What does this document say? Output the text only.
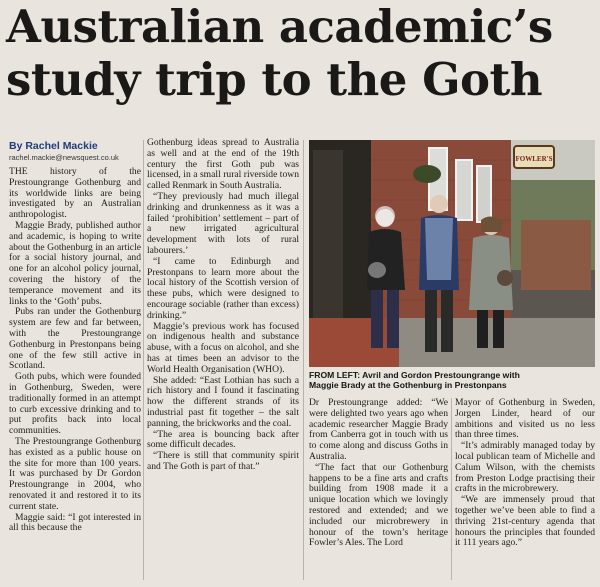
Australian academic’s
study trip to the Goth
By Rachel Mackie
rachel.mackie@newsquest.co.uk

THE history of the Prestoungrange Gothenburg and its worldwide links are being investigated by an Australian anthropologist.

Maggie Brady, published author and academic, is hoping to write about the Gothenburg in an article for a social history journal, and one for an alcohol policy journal, covering the history of the temperance movement and its links to the ‘Goth’ pubs.

Pubs ran under the Gothenburg system are few and far between, with the Prestoungrange Gothenburg in Prestonpans being one of the few still active in Scotland.

Goth pubs, which were founded in Gothenburg, Sweden, were traditionally formed in an attempt to curb excessive drinking and to put profits back into local communities.

The Prestoungrange Gothenburg has existed as a public house on the site for more than 100 years. It was purchased by Dr Gordon Prestoungrange in 2004, who renovated it and restored it to its current state.

Maggie said: “I got interested in all this because the

Gothenburg ideas spread to Australia as well and at the end of the 19th century the first Goth pub was licensed, in a small rural riverside town called Renmark in South Australia.

“They previously had much illegal drinking and drunkenness as it was a failed ‘prohibition’ settlement – part of a new irrigated agricultural development with lots of rural labourers.’

“I came to Edinburgh and Prestonpans to learn more about the local history of the Scottish version of these pubs, which were designed to encourage sociable (rather than excess) drinking.”

Maggie’s previous work has focused on indigenous health and substance abuse, with a focus on alcohol, and she has at times been an advisor to the World Health Organisation (WHO).

She added: “East Lothian has such a rich history and I found it fascinating how the different strands of its industrial past fit together – the salt panning, the brickworks and the coal.

“The area is bouncing back after some difficult decades.

“There is still that community spirit and The Goth is part of that.”

FOWLER'S
FROM LEFT: Avril and Gordon Prestoungrange with
Maggie Brady at the Gothenburg in Prestonpans

Dr Prestoungrange added: “We were delighted two years ago when academic researcher Maggie Brady from Canberra got in touch with us to come along and discuss Goths in Australia.

“The fact that our Gothenburg happens to be a fine arts and crafts building from 1908 made it a unique location which we lovingly restored and extended; and we included our microbrewery in honour of the town’s heritage Fowler’s Ales. The Lord

Mayor of Gothenburg in Sweden, Jorgen Linder, heard of our ambitions and visited us no less than three times.

“It’s admirably managed today by local publican team of Michelle and Calum Wilson, with the chemists from Preston Lodge practising their crafts in the microbrewery.

“We are immensely proud that together we’ve been able to find a thriving 21st-century agenda that honours the principles that founded it 111 years ago.”
